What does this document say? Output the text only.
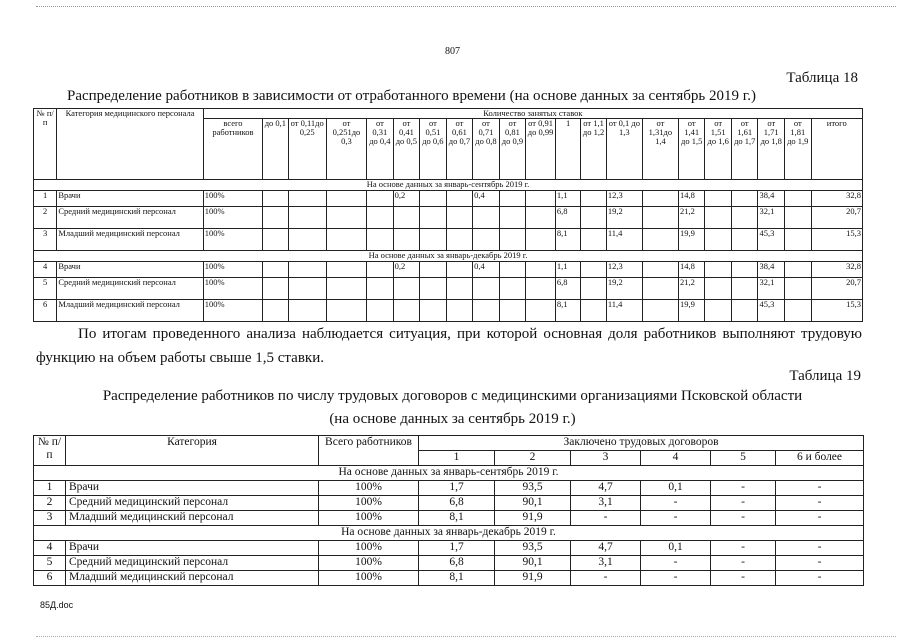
807
Таблица 18
Распределение работников в зависимости от отработанного времени (на основе данных за сентябрь 2019 г.)
№ п/п	Категория медицинского персонала	Количество занятых ставок																				
		всего работников	до 0,1	от 0,11до 0,25	от 0,251до 0,3	от 0,31 до 0,4	от 0,41 до 0,5	от 0,51 до 0,6	от 0,61 до 0,7	от 0,71 до 0,8	от 0,81 до 0,9	от 0,91 до 0,99	1	от 1,1 до 1,2	от 0,1 до 1,3	от 1,31до 1,4	от 1,41 до 1,5	от 1,51 до 1,6	от 1,61 до 1,7	от 1,71 до 1,8	от 1,81 до 1,9	итого
На основе данных за январь-сентябрь 2019 г.																						
1	Врачи	100%					0,2			0,4			1,1		12,3		14,8			38,4		32,8
2	Средний медицинский персонал	100%											6,8		19,2		21,2			32,1		20,7
3	Младший медицинский персонал	100%											8,1		11,4		19,9			45,3		15,3
На основе данных за январь-декабрь 2019 г.																						
4	Врачи	100%					0,2			0,4			1,1		12,3		14,8			38,4		32,8
5	Средний медицинский персонал	100%											6,8		19,2		21,2			32,1		20,7
6	Младший медицинский персонал	100%											8,1		11,4		19,9			45,3		15,3
По итогам проведенного анализа наблюдается ситуация, при которой основная доля работников выполняют трудовую функцию на объем работы свыше 1,5 ставки.
Таблица 19
Распределение работников по числу трудовых договоров с медицинскими организациями Псковской области
(на основе данных за сентябрь 2019 г.)
№ п/п	Категория	Всего работников	Заключено трудовых договоров					
			1	2	3	4	5	6 и более
На основе данных за январь-сентябрь 2019 г.								
1	Врачи	100%	1,7	93,5	4,7	0,1	-	-
2	Средний медицинский персонал	100%	6,8	90,1	3,1	-	-	-
3	Младший медицинский персонал	100%	8,1	91,9	-	-	-	-
На основе данных за январь-декабрь 2019 г.								
4	Врачи	100%	1,7	93,5	4,7	0,1	-	-
5	Средний медицинский персонал	100%	6,8	90,1	3,1	-	-	-
6	Младший медицинский персонал	100%	8,1	91,9	-	-	-	-
85Д.doc
